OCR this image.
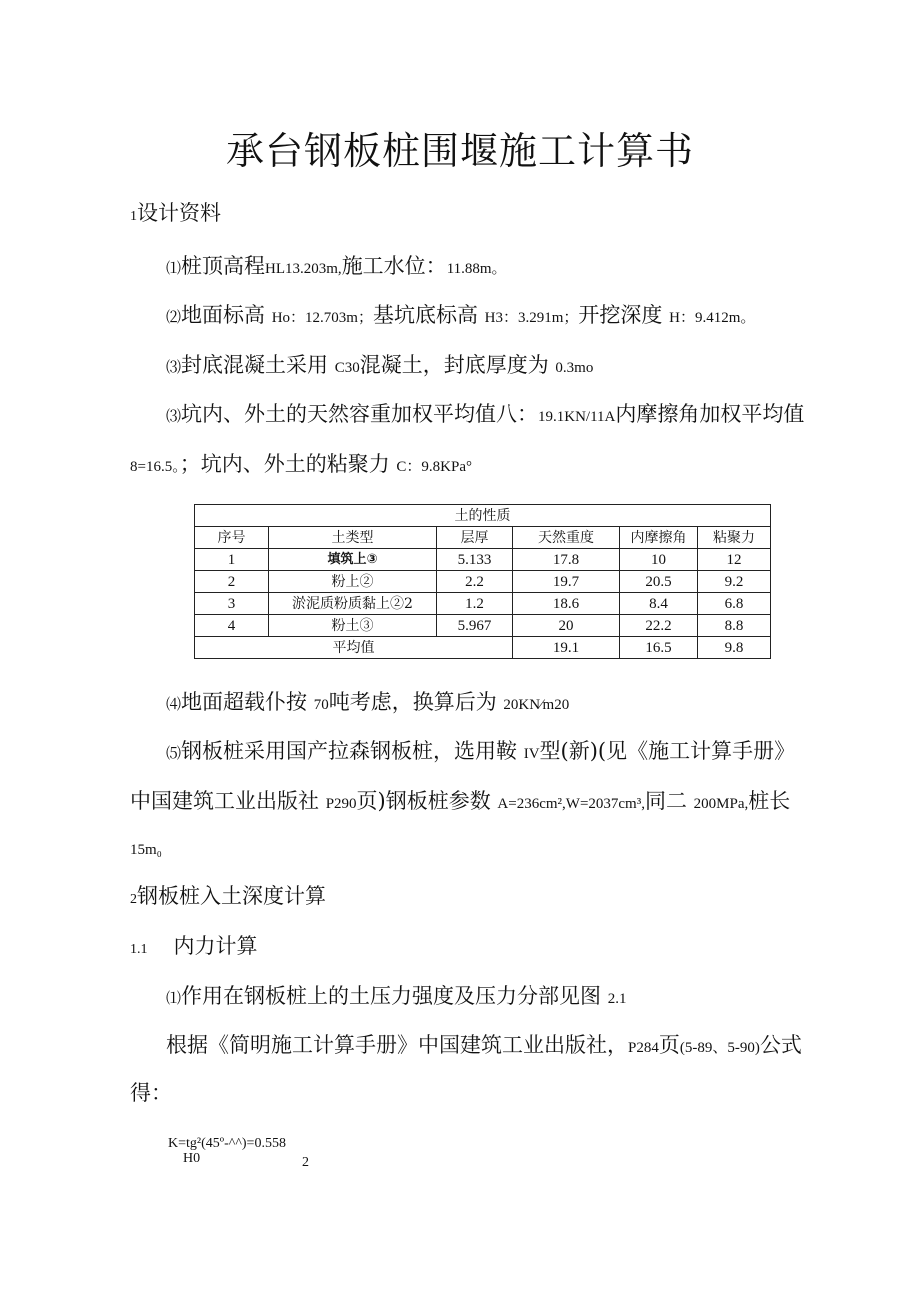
承台钢板桩围堰施工计算书
1设计资料
⑴桩顶高程HL13.203m,施工水位：11.88m。
⑵地面标高 Ho：12.703m；基坑底标高 H3：3.291m；开挖深度 H：9.412m。
⑶封底混凝土采用 C30混凝土，封底厚度为 0.3mo
⑶坑内、外土的天然容重加权平均值八：19.1KN/11A内摩擦角加权平均值
8=16.5。；坑内、外土的粘聚力 C：9.8KPa°
土的性质					
序号	土类型	层厚	天然重度	内摩擦角	粘聚力
1	填筑上③	5.133	17.8	10	12
2	粉上②	2.2	19.7	20.5	9.2
3	淤泥质粉质黏上②2	1.2	18.6	8.4	6.8
4	粉土③	5.967	20	22.2	8.8
平均值			19.1	16.5	9.8
⑷地面超载仆按 70吨考虑，换算后为 20KN⁄m20
⑸钢板桩采用国产拉森钢板桩，选用鞍 IV型(新)(见《施工计算手册》
中国建筑工业出版社 P290页)钢板桩参数 A=236cm²,W=2037cm³,同二 200MPa,桩长
15m₀
2钢板桩入土深度计算
1.1 内力计算
⑴作用在钢板桩上的土压力强度及压力分部见图 2.1
根据《简明施工计算手册》中国建筑工业出版社，P284页(5-89、5-90)公式
得：
K=tg²(45º-^^)=0.558
H0	2
